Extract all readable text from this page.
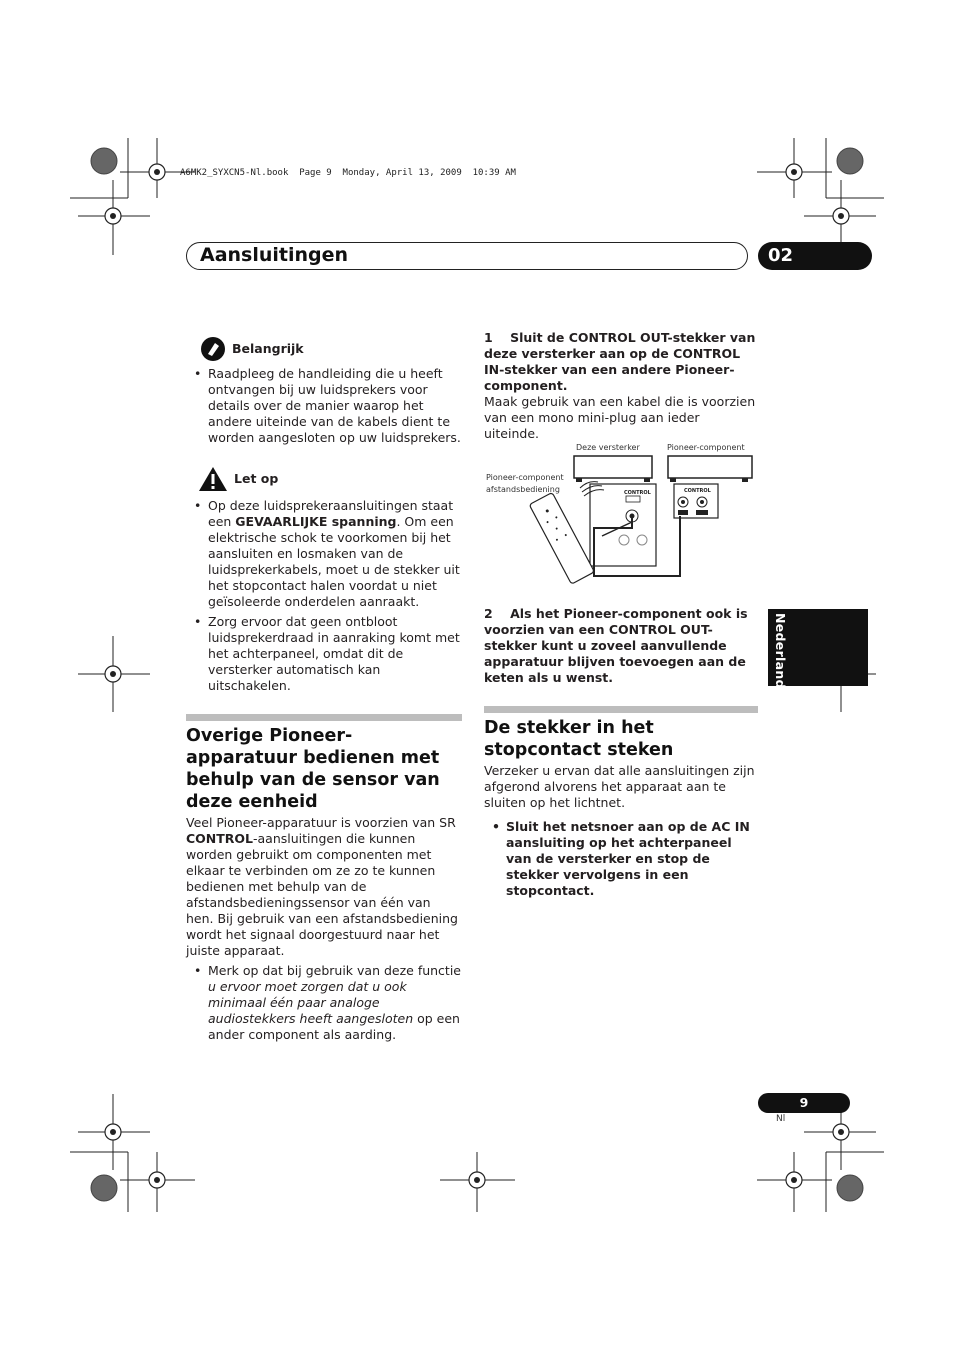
A6MK2_SYXCN5-Nl.book  Page 9  Monday, April 13, 2009  10:39 AM
Aansluitingen	02
Belangrijk
• Raadpleeg de handleiding die u heeft ontvangen bij uw luidsprekers voor details over de manier waarop het andere uiteinde van de kabels dient te worden aangesloten op uw luidsprekers.
Let op
• Op deze luidsprekeraansluitingen staat een GEVAARLIJKE spanning. Om een elektrische schok te voorkomen bij het aansluiten en losmaken van de luidsprekerkabels, moet u de stekker uit het stopcontact halen voordat u niet geïsoleerde onderdelen aanraakt.
• Zorg ervoor dat geen ontbloot luidsprekerdraad in aanraking komt met het achterpaneel, omdat dit de versterker automatisch kan uitschakelen.
Overige Pioneer-apparatuur bedienen met behulp van de sensor van deze eenheid

Veel Pioneer-apparatuur is voorzien van SR CONTROL-aansluitingen die kunnen worden gebruikt om componenten met elkaar te verbinden om ze zo te kunnen bedienen met behulp van de afstandsbedieningssensor van één van hen. Bij gebruik van een afstandsbediening wordt het signaal doorgestuurd naar het juiste apparaat.

• Merk op dat bij gebruik van deze functie u ervoor moet zorgen dat u ook minimaal één paar analoge audiostekkers heeft aangesloten op een ander component als aarding.

1 Sluit de CONTROL OUT-stekker van deze versterker aan op de CONTROL IN-stekker van een andere Pioneer-component.

Maak gebruik van een kabel die is voorzien van een mono mini-plug aan ieder uiteinde.

Deze versterker	Pioneer-component
Pioneer-component
afstandsbediening	CONTROL	CONTROL

2 Als het Pioneer-component ook is voorzien van een CONTROL OUT-stekker kunt u zoveel aanvullende apparatuur blijven toevoegen aan de keten als u wenst.

De stekker in het stopcontact steken

Verzeker u ervan dat alle aansluitingen zijn afgerond alvorens het apparaat aan te sluiten op het lichtnet.

• Sluit het netsnoer aan op de AC IN aansluiting op het achterpaneel van de versterker en stop de stekker vervolgens in een stopcontact.
Nederlands
9
Nl
